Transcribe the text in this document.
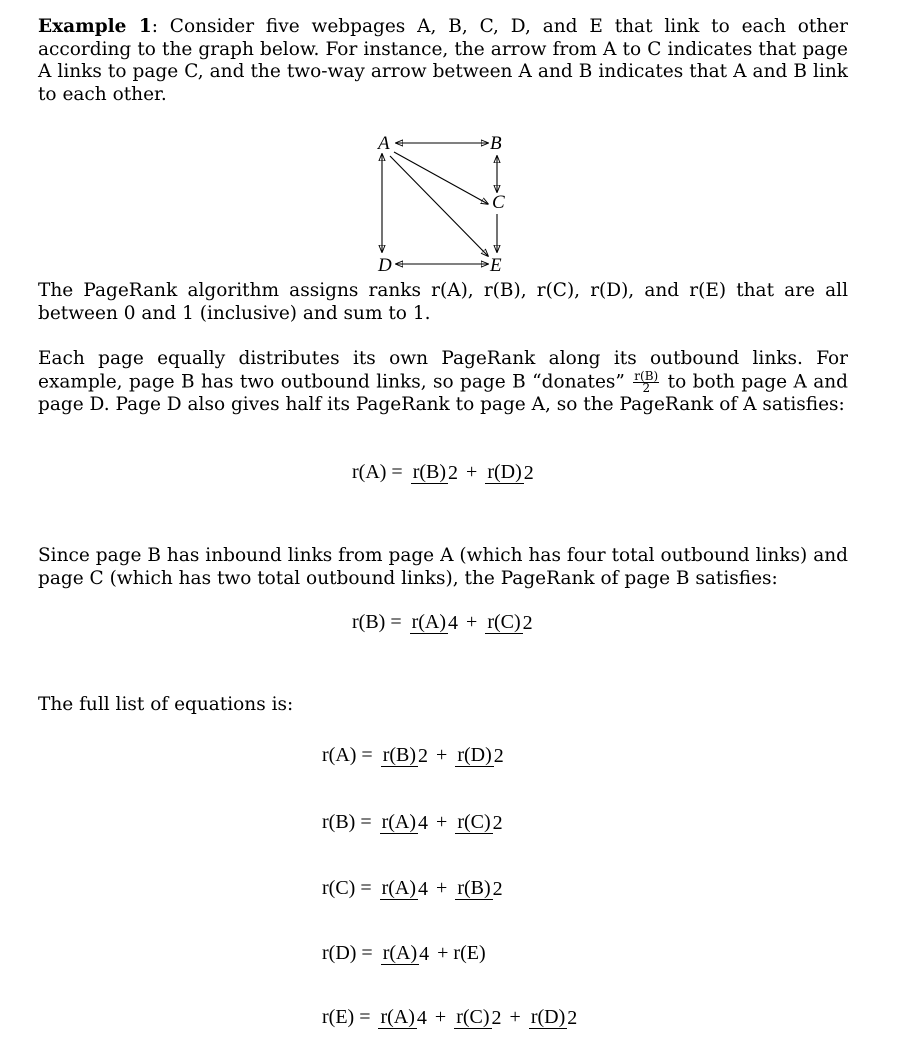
Example 1: Consider five webpages A, B, C, D, and E that link to each other according to the graph below. For instance, the arrow from A to C indicates that page A links to page C, and the two-way arrow between A and B indicates that A and B link to each other.
A	B
C
D	E
The PageRank algorithm assigns ranks r(A), r(B), r(C), r(D), and r(E) that are all between 0 and 1 (inclusive) and sum to 1.
Each page equally distributes its own PageRank along its outbound links. For example, page B has two outbound links, so page B “donates” $\frac{r(B)}{2}$ to both page A and page D. Page D also gives half its PageRank to page A, so the PageRank of A satisfies:
r(A) = r(B) 2 + r(D) 2
Since page B has inbound links from page A (which has four total outbound links) and page C (which has two total outbound links), the PageRank of page B satisfies:
r(B) = r(A) 4 + r(C) 2
The full list of equations is:
r(A) = r(B) 2 + r(D) 2
r(B) = r(A) 4 + r(C) 2
r(C) = r(A) 4 + r(B) 2
r(D) = r(A) 4 + r(E)
r(E) = r(A) 4 + r(C) 2 + r(D) 2
